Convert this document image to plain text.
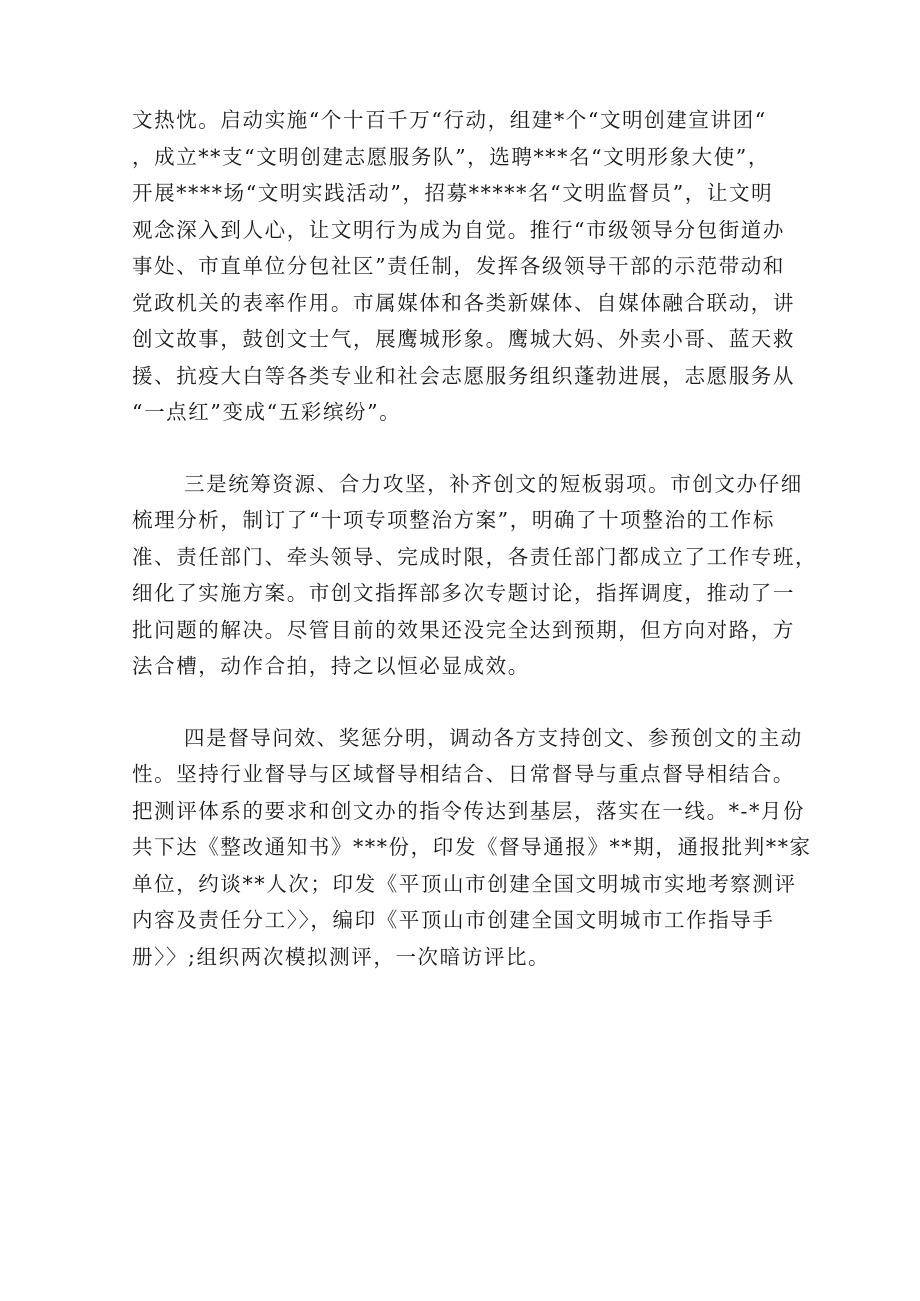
文热忱。启动实施“个十百千万“行动，组建*个“文明创建宣讲团“
，成立**支“文明创建志愿服务队”，选聘***名“文明形象大使”，
开展****场“文明实践活动”，招募*****名“文明监督员”，让文明
观念深入到人心，让文明行为成为自觉。推行“市级领导分包街道办
事处、市直单位分包社区”责任制，发挥各级领导干部的示范带动和
党政机关的表率作用。市属媒体和各类新媒体、自媒体融合联动，讲
创文故事，鼓创文士气，展鹰城形象。鹰城大妈、外卖小哥、蓝天救
援、抗疫大白等各类专业和社会志愿服务组织蓬勃进展，志愿服务从
“一点红”变成“五彩缤纷”。
三是统筹资源、合力攻坚，补齐创文的短板弱项。市创文办仔细
梳理分析，制订了“十项专项整治方案”，明确了十项整治的工作标
准、责任部门、牵头领导、完成时限，各责任部门都成立了工作专班，
细化了实施方案。市创文指挥部多次专题讨论，指挥调度，推动了一
批问题的解决。尽管目前的效果还没完全达到预期，但方向对路，方
法合槽，动作合拍，持之以恒必显成效。
四是督导问效、奖惩分明，调动各方支持创文、参预创文的主动
性。坚持行业督导与区域督导相结合、日常督导与重点督导相结合。
把测评体系的要求和创文办的指令传达到基层，落实在一线。*-*月份
共下达《整改通知书》***份，印发《督导通报》**期，通报批判**家
单位，约谈**人次；印发《平顶山市创建全国文明城市实地考察测评
内容及责任分工〉〉，编印《平顶山市创建全国文明城市工作指导手
册〉〉;组织两次模拟测评，一次暗访评比。
